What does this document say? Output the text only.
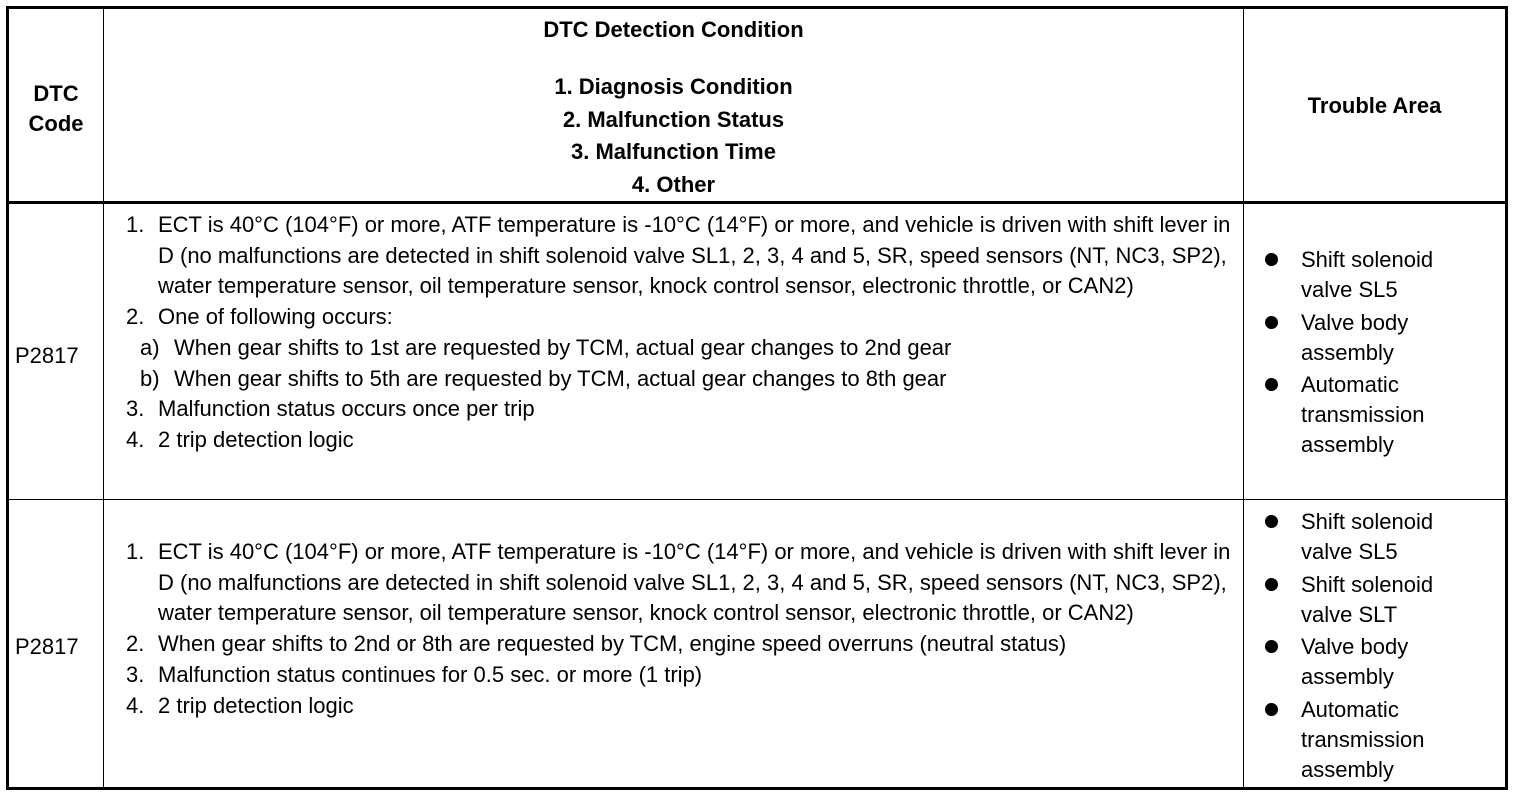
DTC
Code
DTC Detection Condition
1. Diagnosis Condition
2. Malfunction Status
3. Malfunction Time
4. Other
Trouble Area
P2817
1. ECT is 40°C (104°F) or more, ATF temperature is -10°C (14°F) or more, and vehicle is driven with shift lever in D (no malfunctions are detected in shift solenoid valve SL1, 2, 3, 4 and 5, SR, speed sensors (NT, NC3, SP2), water temperature sensor, oil temperature sensor, knock control sensor, electronic throttle, or CAN2)
2. One of following occurs:
a) When gear shifts to 1st are requested by TCM, actual gear changes to 2nd gear
b) When gear shifts to 5th are requested by TCM, actual gear changes to 8th gear
3. Malfunction status occurs once per trip
4. 2 trip detection logic
Shift solenoid valve SL5
Valve body assembly
Automatic transmission assembly
P2817
1. ECT is 40°C (104°F) or more, ATF temperature is -10°C (14°F) or more, and vehicle is driven with shift lever in D (no malfunctions are detected in shift solenoid valve SL1, 2, 3, 4 and 5, SR, speed sensors (NT, NC3, SP2), water temperature sensor, oil temperature sensor, knock control sensor, electronic throttle, or CAN2)
2. When gear shifts to 2nd or 8th are requested by TCM, engine speed overruns (neutral status)
3. Malfunction status continues for 0.5 sec. or more (1 trip)
4. 2 trip detection logic
Shift solenoid valve SL5
Shift solenoid valve SLT
Valve body assembly
Automatic transmission assembly
